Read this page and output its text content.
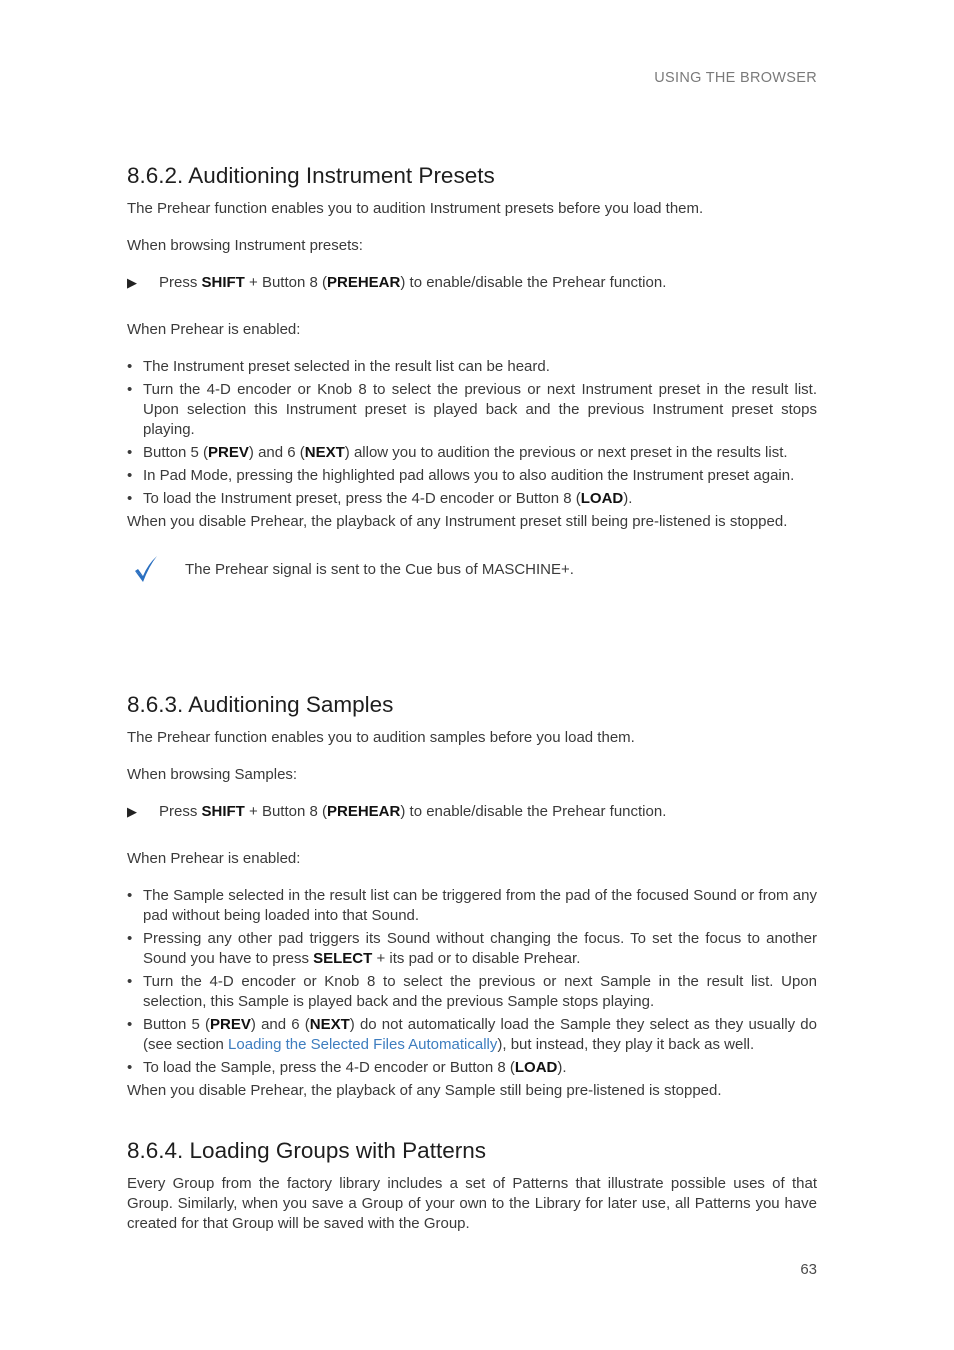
USING THE BROWSER
8.6.2. Auditioning Instrument Presets

The Prehear function enables you to audition Instrument presets before you load them.

When browsing Instrument presets:

▶ Press SHIFT + Button 8 (PREHEAR) to enable/disable the Prehear function.

When Prehear is enabled:

• The Instrument preset selected in the result list can be heard.
• Turn the 4-D encoder or Knob 8 to select the previous or next Instrument preset in the result list. Upon selection this Instrument preset is played back and the previous Instrument preset stops playing.
• Button 5 (PREV) and 6 (NEXT) allow you to audition the previous or next preset in the results list.
• In Pad Mode, pressing the highlighted pad allows you to also audition the Instrument preset again.
• To load the Instrument preset, press the 4-D encoder or Button 8 (LOAD).

When you disable Prehear, the playback of any Instrument preset still being pre-listened is stopped.

The Prehear signal is sent to the Cue bus of MASCHINE+.
8.6.3. Auditioning Samples

The Prehear function enables you to audition samples before you load them.

When browsing Samples:

▶ Press SHIFT + Button 8 (PREHEAR) to enable/disable the Prehear function.

When Prehear is enabled:

• The Sample selected in the result list can be triggered from the pad of the focused Sound or from any pad without being loaded into that Sound.
• Pressing any other pad triggers its Sound without changing the focus. To set the focus to another Sound you have to press SELECT + its pad or to disable Prehear.
• Turn the 4-D encoder or Knob 8 to select the previous or next Sample in the result list. Upon selection, this Sample is played back and the previous Sample stops playing.
• Button 5 (PREV) and 6 (NEXT) do not automatically load the Sample they select as they usually do (see section Loading the Selected Files Automatically), but instead, they play it back as well.
• To load the Sample, press the 4-D encoder or Button 8 (LOAD).

When you disable Prehear, the playback of any Sample still being pre-listened is stopped.

8.6.4. Loading Groups with Patterns

Every Group from the factory library includes a set of Patterns that illustrate possible uses of that Group. Similarly, when you save a Group of your own to the Library for later use, all Patterns you have created for that Group will be saved with the Group.

63
